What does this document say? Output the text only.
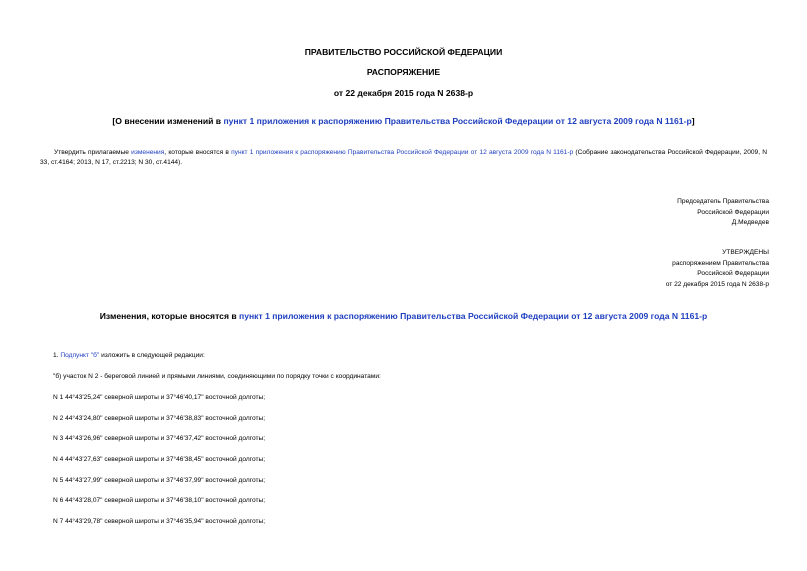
ПРАВИТЕЛЬСТВО РОССИЙСКОЙ ФЕДЕРАЦИИ
РАСПОРЯЖЕНИЕ
от 22 декабря 2015 года N 2638-р
[О внесении изменений в пункт 1 приложения к распоряжению Правительства Российской Федерации от 12 августа 2009 года N 1161-р]
Утвердить прилагаемые изменения, которые вносятся в пункт 1 приложения к распоряжению Правительства Российской Федерации от 12 августа 2009 года N 1161-р (Собрание законодательства Российской Федерации, 2009, N 33, ст.4164; 2013, N 17, ст.2213; N 30, ст.4144).
Председатель Правительства
Российской Федерации
Д.Медведев
УТВЕРЖДЕНЫ
распоряжением Правительства
Российской Федерации
от 22 декабря 2015 года N 2638-р
Изменения, которые вносятся в пункт 1 приложения к распоряжению Правительства Российской Федерации от 12 августа 2009 года N 1161-р
1. Подпункт "б" изложить в следующей редакции:
"б) участок N 2 - береговой линией и прямыми линиями, соединяющими по порядку точки с координатами:
N 1 44°43'25,24" северной широты и 37°46'40,17" восточной долготы;
N 2 44°43'24,80" северной широты и 37°46'38,83" восточной долготы;
N 3 44°43'26,96" северной широты и 37°46'37,42" восточной долготы;
N 4 44°43'27,63" северной широты и 37°46'38,45" восточной долготы;
N 5 44°43'27,99" северной широты и 37°46'37,99" восточной долготы;
N 6 44°43'28,07" северной широты и 37°46'38,10" восточной долготы;
N 7 44°43'29,78" северной широты и 37°46'35,94" восточной долготы;
